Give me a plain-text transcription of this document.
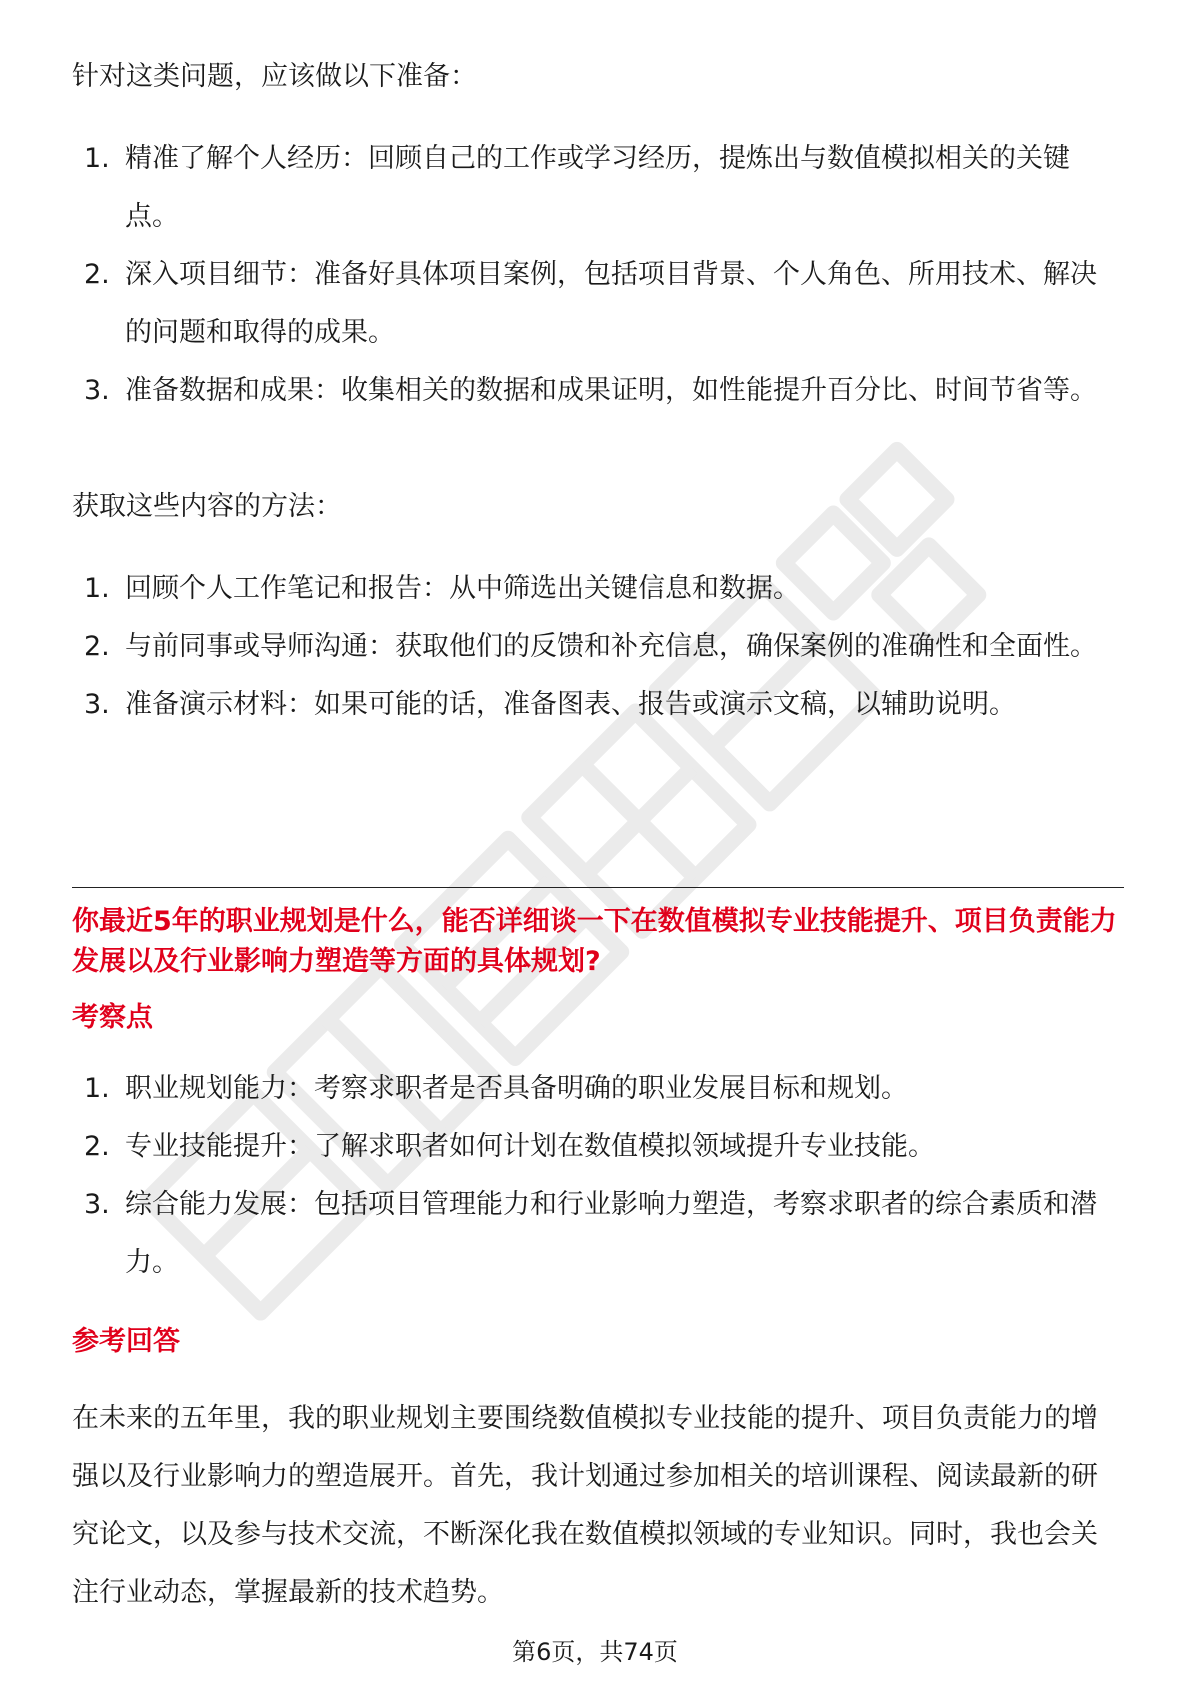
针对这类问题，应该做以下准备：

1. 精准了解个人经历：回顾自己的工作或学习经历，提炼出与数值模拟相关的关键点。
2. 深入项目细节：准备好具体项目案例，包括项目背景、个人角色、所用技术、解决的问题和取得的成果。
3. 准备数据和成果：收集相关的数据和成果证明，如性能提升百分比、时间节省等。

获取这些内容的方法：

1. 回顾个人工作笔记和报告：从中筛选出关键信息和数据。
2. 与前同事或导师沟通：获取他们的反馈和补充信息，确保案例的准确性和全面性。
3. 准备演示材料：如果可能的话，准备图表、报告或演示文稿，以辅助说明。

你最近5年的职业规划是什么，能否详细谈一下在数值模拟专业技能提升、项目负责能力发展以及行业影响力塑造等方面的具体规划?

考察点

1. 职业规划能力：考察求职者是否具备明确的职业发展目标和规划。
2. 专业技能提升：了解求职者如何计划在数值模拟领域提升专业技能。
3. 综合能力发展：包括项目管理能力和行业影响力塑造，考察求职者的综合素质和潜力。

参考回答

在未来的五年里，我的职业规划主要围绕数值模拟专业技能的提升、项目负责能力的增强以及行业影响力的塑造展开。首先，我计划通过参加相关的培训课程、阅读最新的研究论文，以及参与技术交流，不断深化我在数值模拟领域的专业知识。同时，我也会关注行业动态，掌握最新的技术趋势。

第6页，共74页
